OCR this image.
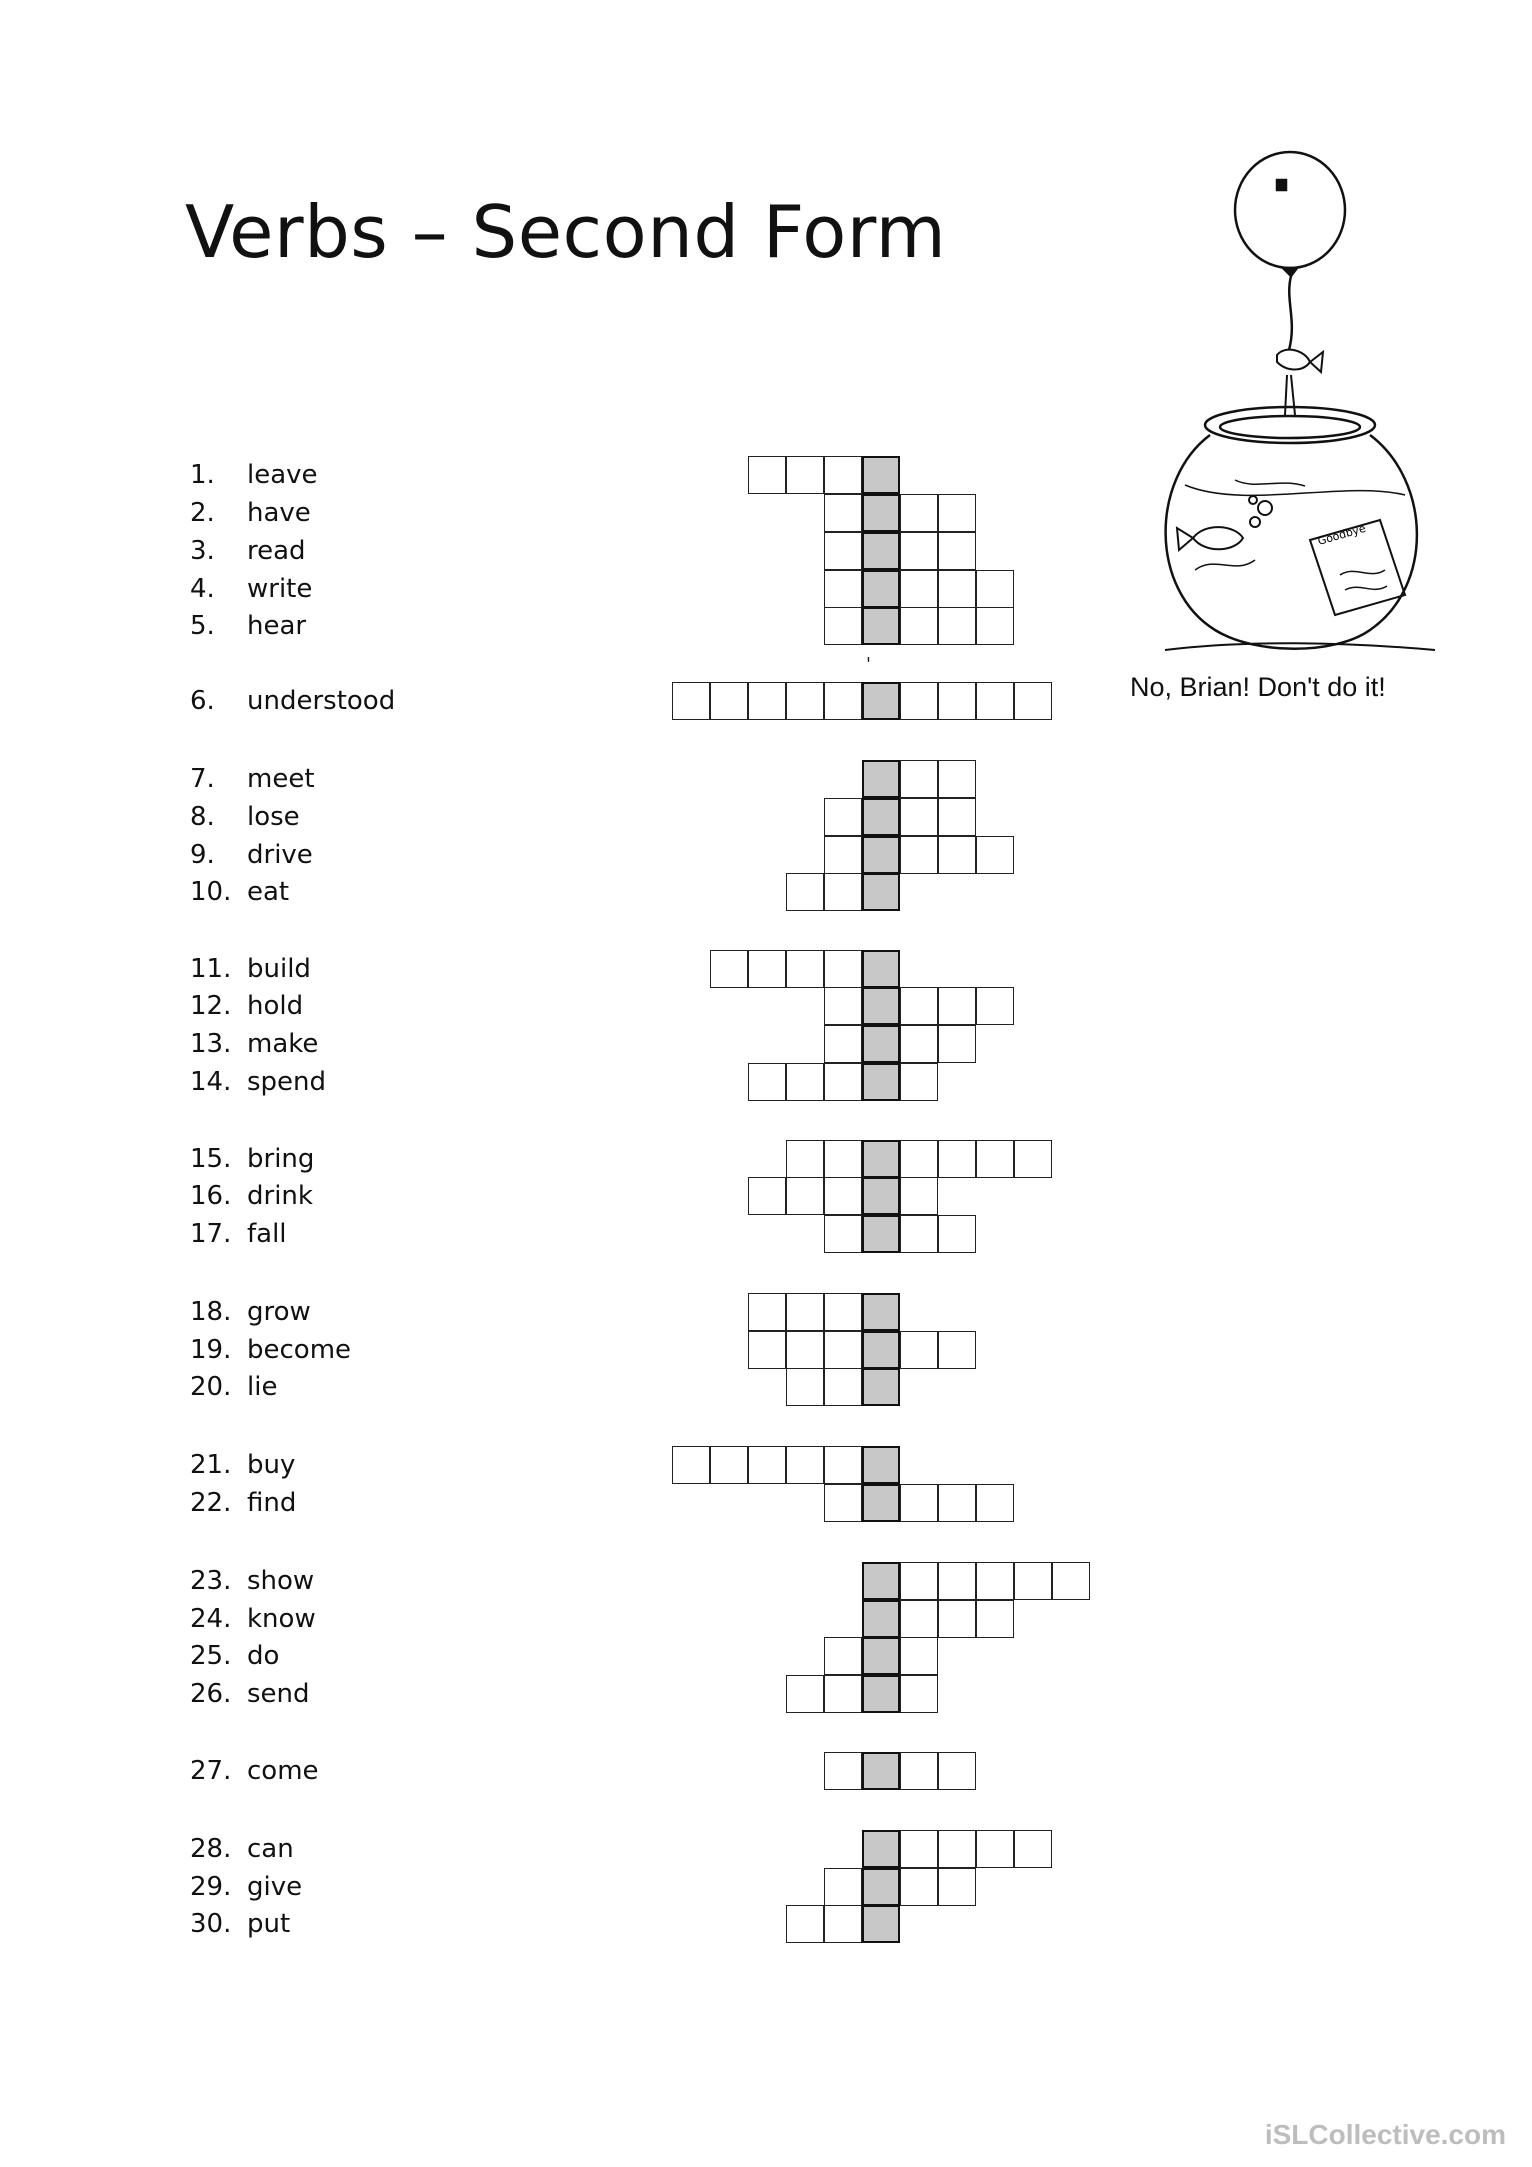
Verbs – Second Form
1. leave
2. have
3. read
4. write
5. hear
6. understood
7. meet
8. lose
9. drive
10. eat
11. build
12. hold
13. make
14. spend
15. bring
16. drink
17. fall
18. grow
19. become
20. lie
21. buy
22. find
23. show
24. know
25. do
26. send
27. come
28. can
29. give
30. put
'
Goodbye
No, Brian! Don't do it!
iSLCollective.com
